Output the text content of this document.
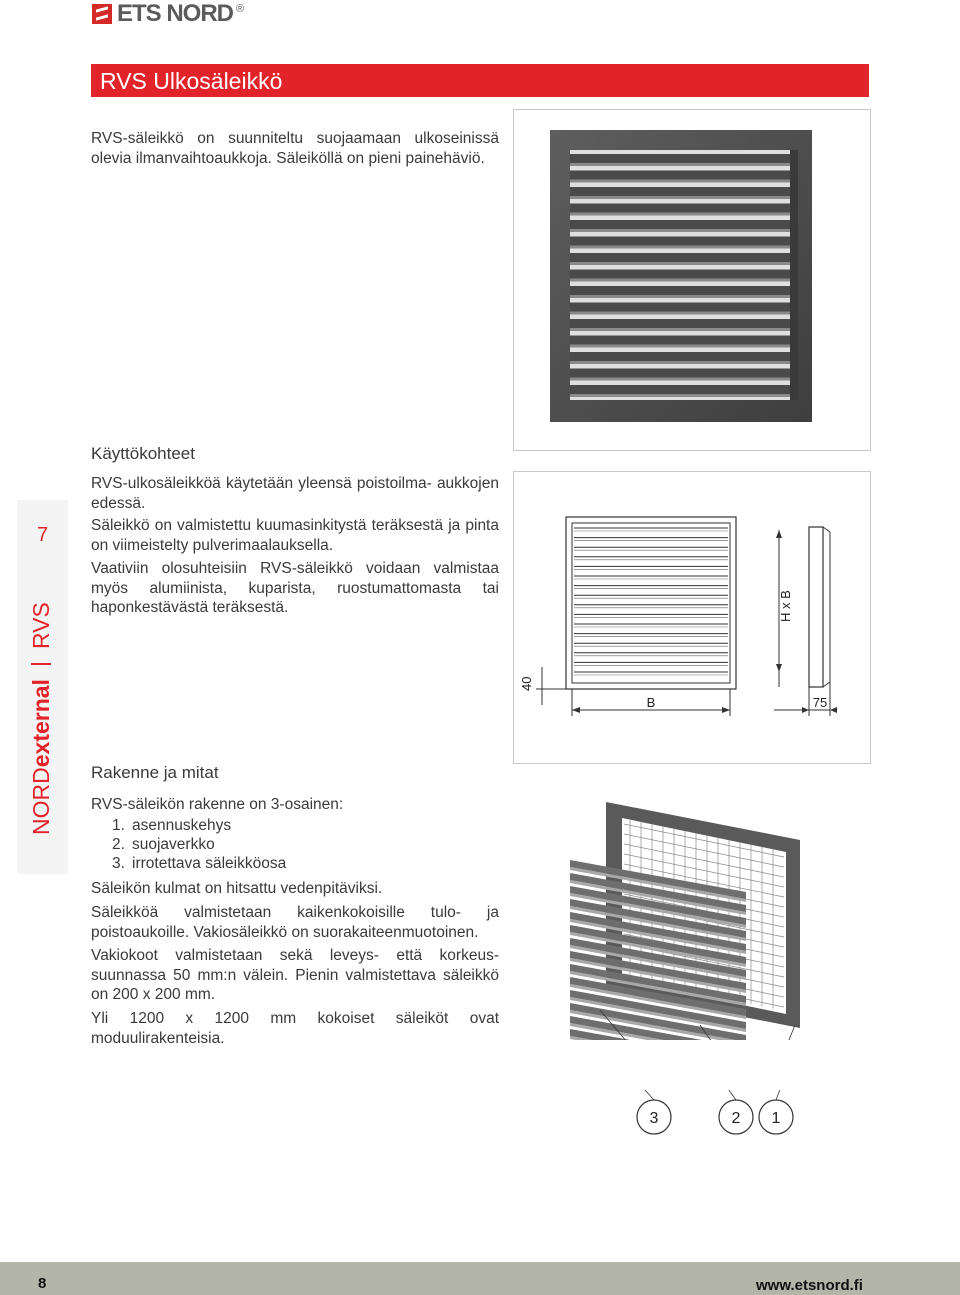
ETS NORD ®
RVS Ulkosäleikkö
RVS-säleikkö on suunniteltu suojaamaan ulkoseinissä olevia ilmanvaihtoaukkoja. Säleiköllä on pieni painehäviö.
7
NORDexternalRVS
Käyttökohteet
RVS-ulkosäleikköä käytetään yleensä poistoilma- aukkojen edessä.
Säleikkö on valmistettu kuumasinkitystä teräksestä ja pinta on viimeistelty pulverimaalauksella.
Vaativiin olosuhteisiin RVS-säleikkö voidaan valmistaa myös alumiinista, kuparista, ruostumattomasta tai haponkestävästä teräksestä.
Rakenne ja mitat
RVS-säleikön rakenne on 3-osainen:
1. asennuskehys
2. suojaverkko
3. irrotettava säleikköosa
Säleikön kulmat on hitsattu vedenpitäviksi.
Säleikköä valmistetaan kaikenkokoisille tulo- ja poistoaukoille. Vakiosäleikkö on suorakaiteenmuotoinen.
Vakiokoot valmistetaan sekä leveys- että korkeus-suunnassa 50 mm:n välein. Pienin valmistettava säleikkö on 200 x 200 mm.
Yli 1200 x 1200 mm kokoiset säleiköt ovat moduulirakenteisia.
B	75
H x B
40
3	2 1
8	www.etsnord.fi
